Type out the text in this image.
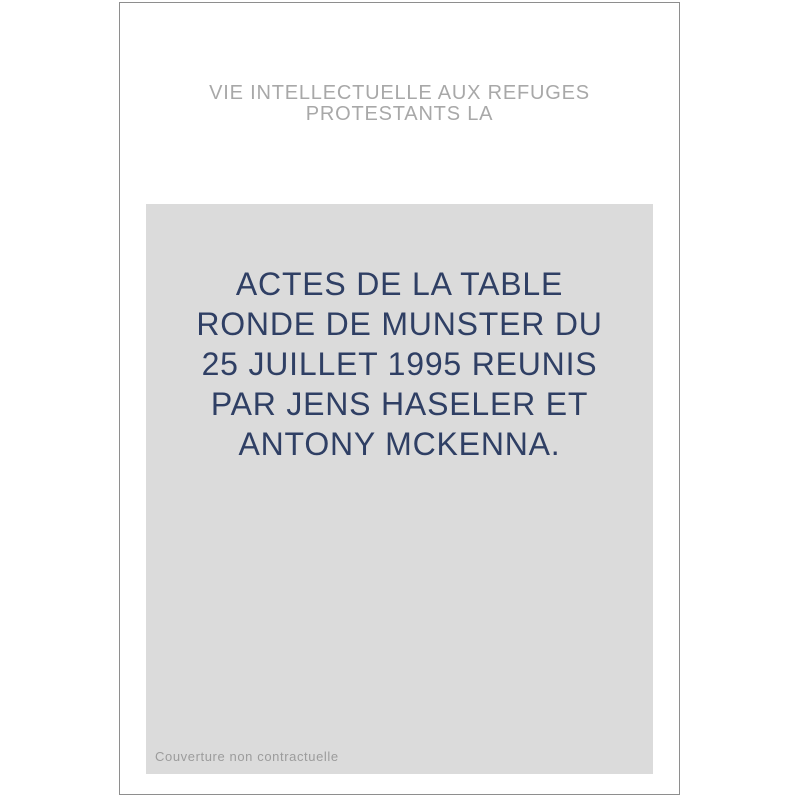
VIE INTELLECTUELLE AUX REFUGES
PROTESTANTS LA
ACTES DE LA TABLE
RONDE DE MUNSTER DU
25 JUILLET 1995 REUNIS
PAR JENS HASELER ET
ANTONY MCKENNA.
Couverture non contractuelle
